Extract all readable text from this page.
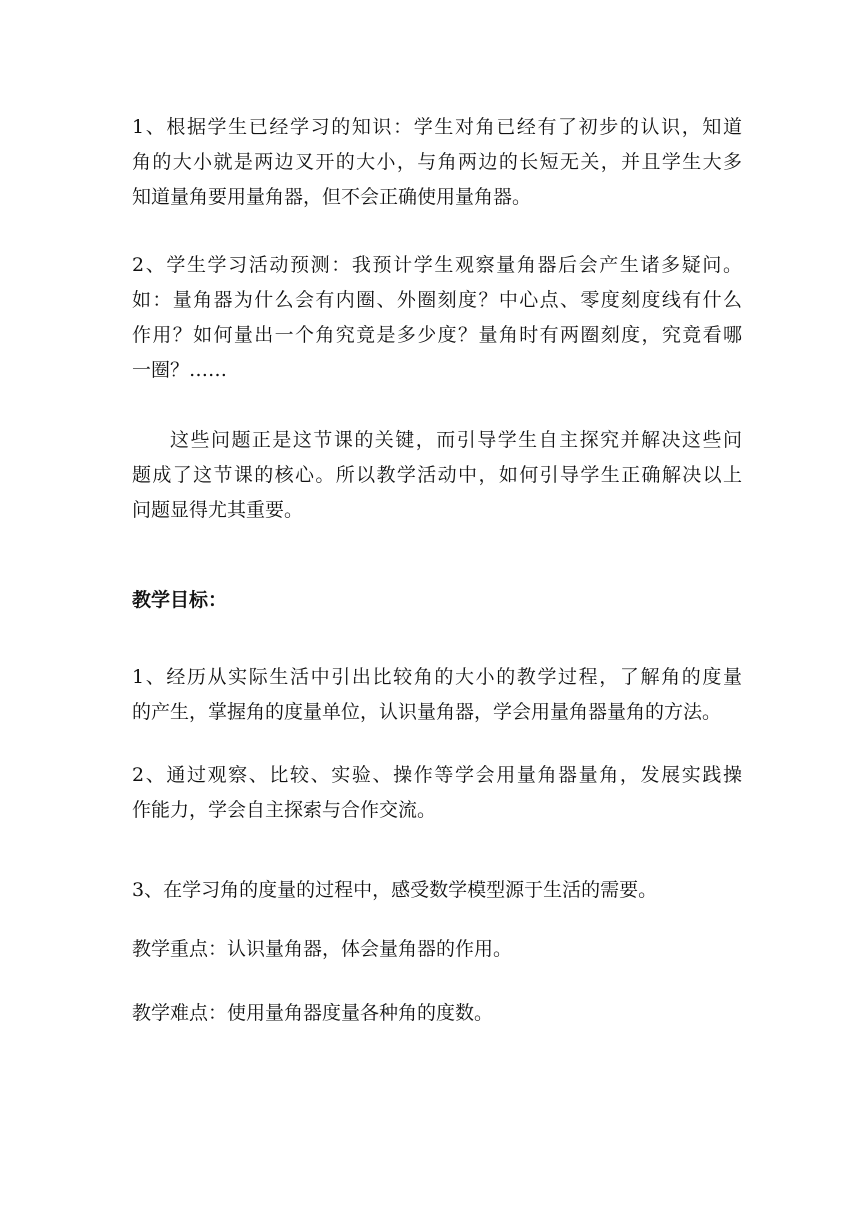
1、根据学生已经学习的知识：学生对角已经有了初步的认识，知道
角的大小就是两边叉开的大小，与角两边的长短无关，并且学生大多
知道量角要用量角器，但不会正确使用量角器。
2、学生学习活动预测：我预计学生观察量角器后会产生诸多疑问。
如：量角器为什么会有内圈、外圈刻度？中心点、零度刻度线有什么
作用？如何量出一个角究竟是多少度？量角时有两圈刻度，究竟看哪
一圈？……
这些问题正是这节课的关键，而引导学生自主探究并解决这些问
题成了这节课的核心。所以教学活动中，如何引导学生正确解决以上
问题显得尤其重要。
教学目标：
1、经历从实际生活中引出比较角的大小的教学过程，了解角的度量
的产生，掌握角的度量单位，认识量角器，学会用量角器量角的方法。
2、通过观察、比较、实验、操作等学会用量角器量角，发展实践操
作能力，学会自主探索与合作交流。

3、在学习角的度量的过程中，感受数学模型源于生活的需要。

教学重点：认识量角器，体会量角器的作用。

教学难点：使用量角器度量各种角的度数。
